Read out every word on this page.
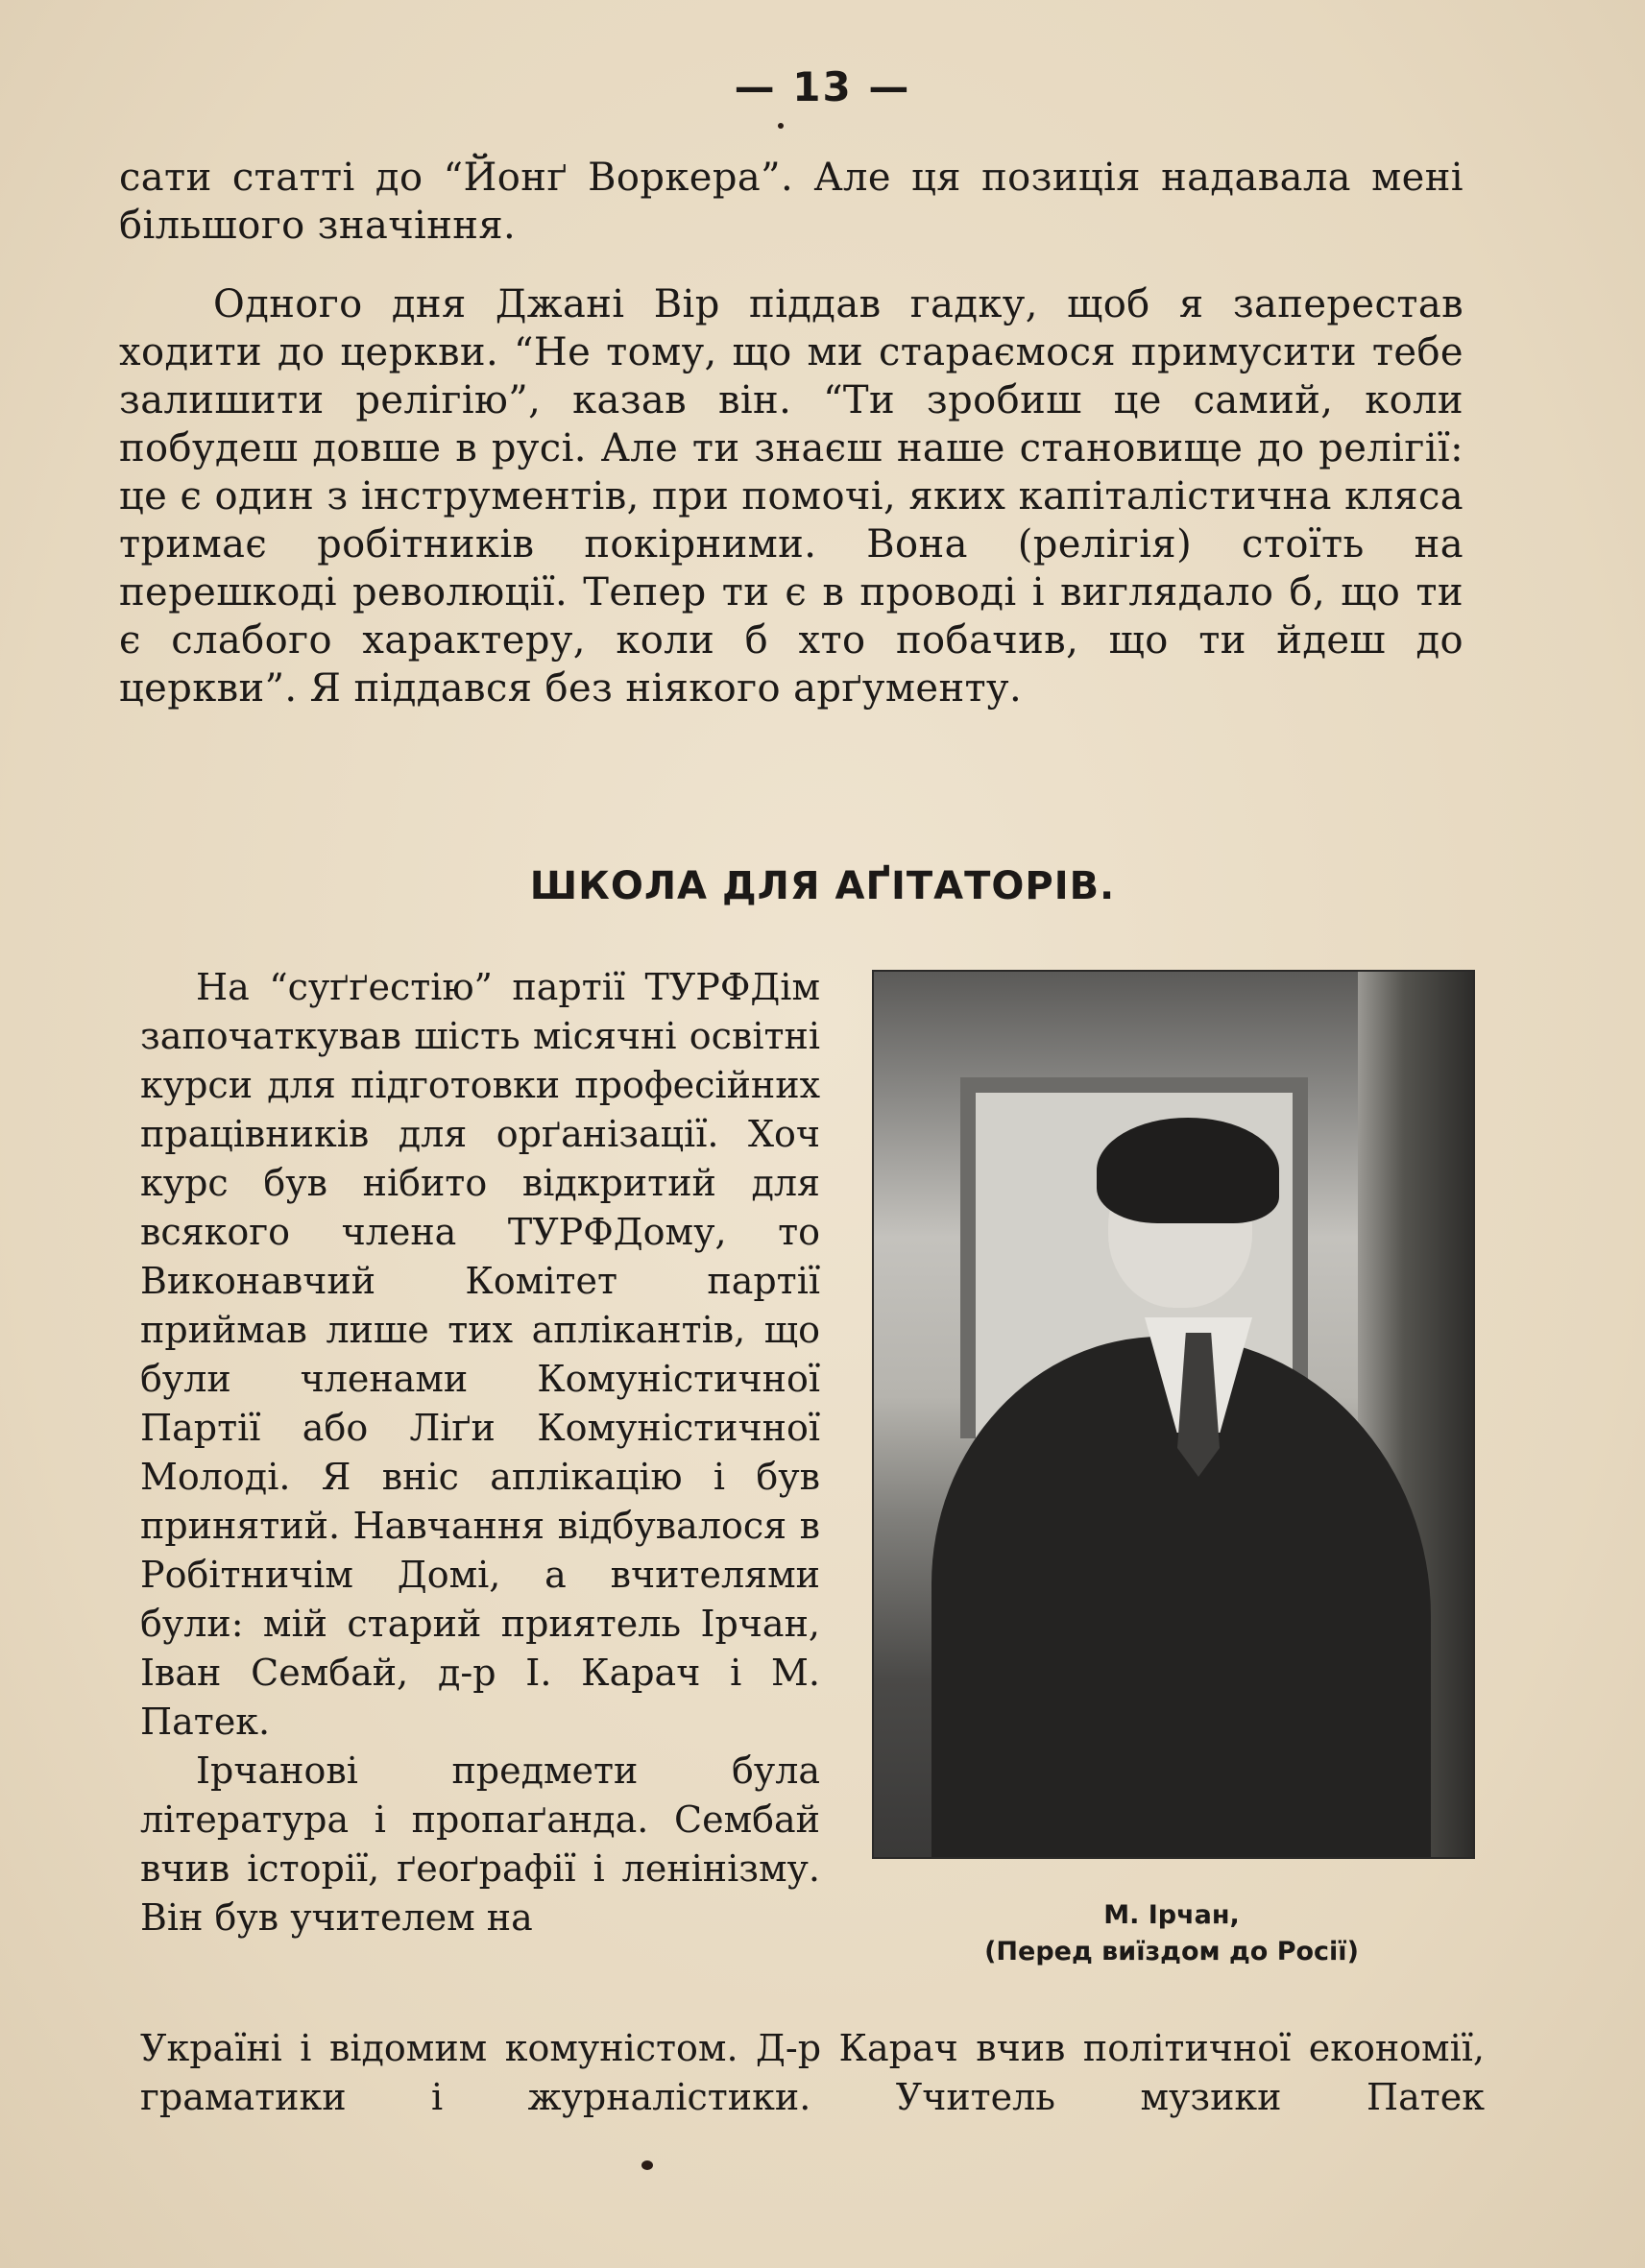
— 13 —

сати статті до “Йонґ Воркера”. Але ця позиція надавала мені більшого значіння.

Одного дня Джані Вір піддав гадку, щоб я заперестав ходити до церкви. “Не тому, що ми стараємося примусити тебе залишити релігію”, казав він. “Ти зробиш це самий, коли побудеш довше в русі. Але ти знаєш наше становище до релігії: це є один з інструментів, при помочі, яких капіталістична кляса тримає робітників покірними. Вона (релігія) стоїть на перешкоді революції. Тепер ти є в проводі і виглядало б, що ти є слабого характеру, коли б хто побачив, що ти йдеш до церкви”. Я піддався без ніякого арґументу.

ШКОЛА ДЛЯ АҐІТАТОРІВ.

На “суґґестію” партії ТУРФДім започаткував шість місячні освітні курси для підготовки професійних працівників для орґанізації. Хоч курс був нібито відкритий для всякого члена ТУРФДому, то Виконавчий Комітет партії приймав лише тих аплікантів, що були членами Комуністичної Партії або Ліґи Комуністичної Молоді. Я вніс аплікацію і був принятий. Навчання відбувалося в Робітничім Домі, а вчителями були: мій старий приятель Ірчан, Іван Сембай, д-р І. Карач і М. Патек.

Ірчанові предмети була література і пропаґанда. Сембай вчив історії, ґеоґрафії і ленінізму. Він був учителем на

Україні і відомим комуністом. Д-р Карач вчив політичної економії, граматики і журналістики. Учитель музики Патек

М. Ірчан,
(Перед виїздом до Росії)
